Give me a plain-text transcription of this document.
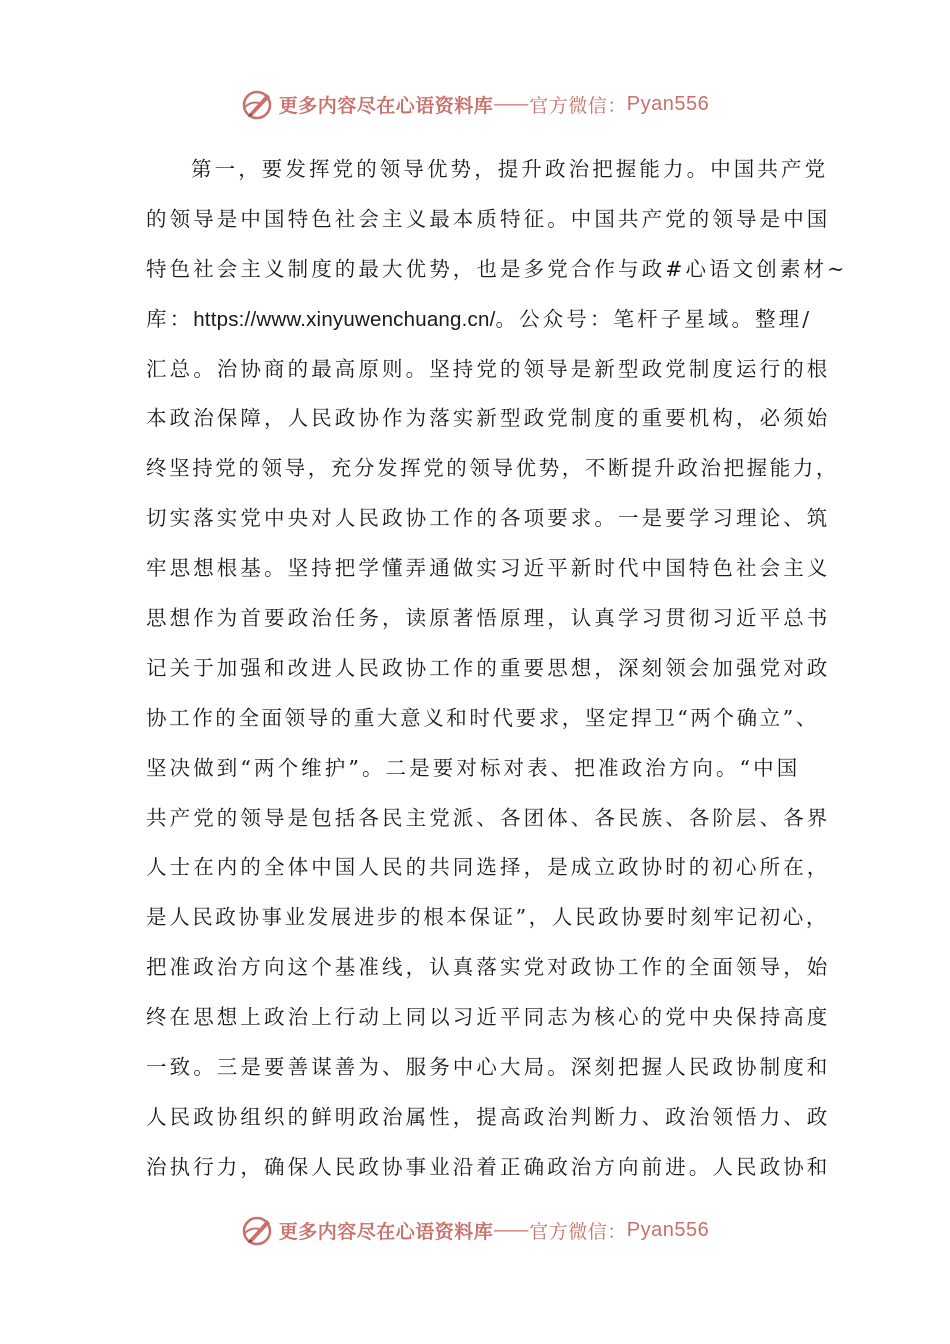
更多内容尽在心语资料库 — — 官方微信： Pyan556
第一，要发挥党的领导优势，提升政治把握能力。中国共产党
的领导是中国特色社会主义最本质特征。中国共产党的领导是中国
特色社会主义制度的最大优势，也是多党合作与政#心语文创素材~
库：https://www.xinyuwenchuang.cn/。公众号：笔杆子星域。整理/
汇总。治协商的最高原则。坚持党的领导是新型政党制度运行的根
本政治保障，人民政协作为落实新型政党制度的重要机构，必须始
终坚持党的领导，充分发挥党的领导优势，不断提升政治把握能力，
切实落实党中央对人民政协工作的各项要求。一是要学习理论、筑
牢思想根基。坚持把学懂弄通做实习近平新时代中国特色社会主义
思想作为首要政治任务，读原著悟原理，认真学习贯彻习近平总书
记关于加强和改进人民政协工作的重要思想，深刻领会加强党对政
协工作的全面领导的重大意义和时代要求，坚定捍卫“两个确立”、
坚决做到“两个维护”。二是要对标对表、把准政治方向。“中国
共产党的领导是包括各民主党派、各团体、各民族、各阶层、各界
人士在内的全体中国人民的共同选择，是成立政协时的初心所在，
是人民政协事业发展进步的根本保证”，人民政协要时刻牢记初心，
把准政治方向这个基准线，认真落实党对政协工作的全面领导，始
终在思想上政治上行动上同以习近平同志为核心的党中央保持高度
一致。三是要善谋善为、服务中心大局。深刻把握人民政协制度和
人民政协组织的鲜明政治属性，提高政治判断力、政治领悟力、政
治执行力，确保人民政协事业沿着正确政治方向前进。人民政协和
更多内容尽在心语资料库 — — 官方微信： Pyan556
